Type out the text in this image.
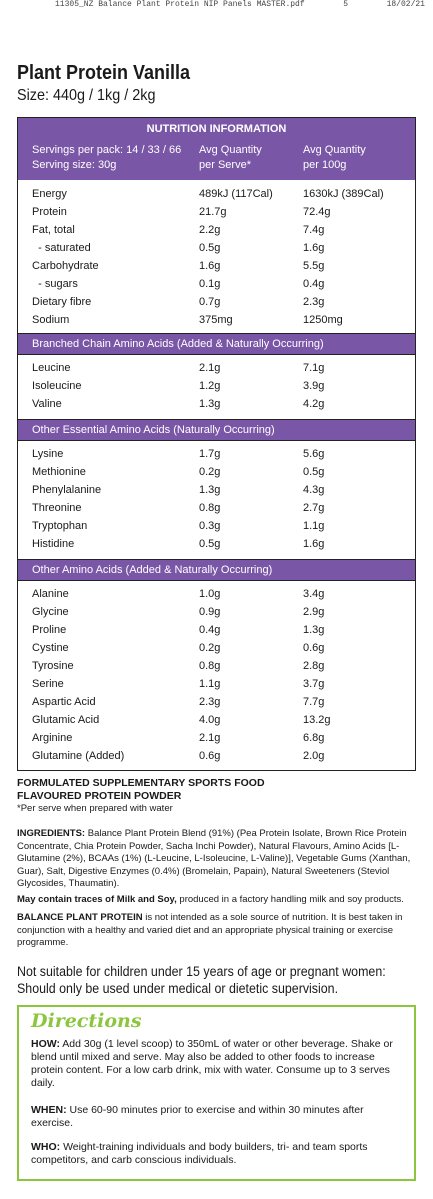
11305_NZ Balance Plant Protein NIP Panels MASTER.pdf	5	18/02/21
Plant Protein Vanilla
Size: 440g / 1kg / 2kg
NUTRITION INFORMATION
Servings per pack: 14 / 33 / 66
Serving size: 30g
Avg Quantity
per Serve*
Avg Quantity
per 100g
Energy	489kJ (117Cal)	1630kJ (389Cal)
Protein	21.7g	72.4g
Fat, total	2.2g	7.4g
- saturated	0.5g	1.6g
Carbohydrate	1.6g	5.5g
- sugars	0.1g	0.4g
Dietary fibre	0.7g	2.3g
Sodium	375mg	1250mg
Branched Chain Amino Acids (Added & Naturally Occurring)
Leucine	2.1g	7.1g
Isoleucine	1.2g	3.9g
Valine	1.3g	4.2g
Other Essential Amino Acids (Naturally Occurring)
Lysine	1.7g	5.6g
Methionine	0.2g	0.5g
Phenylalanine	1.3g	4.3g
Threonine	0.8g	2.7g
Tryptophan	0.3g	1.1g
Histidine	0.5g	1.6g
Other Amino Acids (Added & Naturally Occurring)
Alanine	1.0g	3.4g
Glycine	0.9g	2.9g
Proline	0.4g	1.3g
Cystine	0.2g	0.6g
Tyrosine	0.8g	2.8g
Serine	1.1g	3.7g
Aspartic Acid	2.3g	7.7g
Glutamic Acid	4.0g	13.2g
Arginine	2.1g	6.8g
Glutamine (Added)	0.6g	2.0g
FORMULATED SUPPLEMENTARY SPORTS FOOD
FLAVOURED PROTEIN POWDER
*Per serve when prepared with water
INGREDIENTS: Balance Plant Protein Blend (91%) (Pea Protein Isolate, Brown Rice Protein Concentrate, Chia Protein Powder, Sacha Inchi Powder), Natural Flavours, Amino Acids [L-Glutamine (2%), BCAAs (1%) (L-Leucine, L-Isoleucine, L-Valine)], Vegetable Gums (Xanthan, Guar), Salt, Digestive Enzymes (0.4%) (Bromelain, Papain), Natural Sweeteners (Steviol Glycosides, Thaumatin).
May contain traces of Milk and Soy, produced in a factory handling milk and soy products.
BALANCE PLANT PROTEIN is not intended as a sole source of nutrition. It is best taken in conjunction with a healthy and varied diet and an appropriate physical training or exercise programme.
Not suitable for children under 15 years of age or pregnant women:
Should only be used under medical or dietetic supervision.
Directions
HOW: Add 30g (1 level scoop) to 350mL of water or other beverage. Shake or blend until mixed and serve. May also be added to other foods to increase protein content. For a low carb drink, mix with water. Consume up to 3 serves daily.
WHEN: Use 60-90 minutes prior to exercise and within 30 minutes after exercise.
WHO: Weight-training individuals and body builders, tri- and team sports competitors, and carb conscious individuals.
